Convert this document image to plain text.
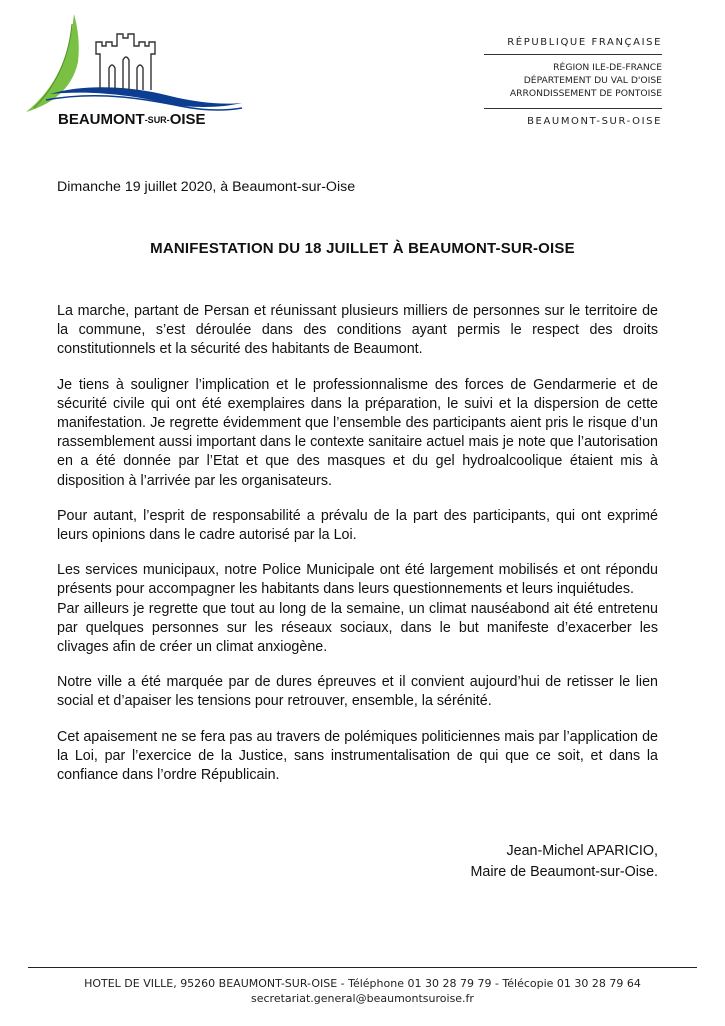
BEAUMONT-SUR-OISE
RÉPUBLIQUE FRANÇAISE
RÉGION ILE-DE-FRANCE
DÉPARTEMENT DU VAL D'OISE
ARRONDISSEMENT DE PONTOISE
BEAUMONT-SUR-OISE
Dimanche 19 juillet 2020, à Beaumont-sur-Oise
MANIFESTATION DU 18 JUILLET À BEAUMONT-SUR-OISE

La marche, partant de Persan et réunissant plusieurs milliers de personnes sur le territoire de la commune, s’est déroulée dans des conditions ayant permis le respect des droits constitutionnels et la sécurité des habitants de Beaumont.

Je tiens à souligner l’implication et le professionnalisme des forces de Gendarmerie et de sécurité civile qui ont été exemplaires dans la préparation, le suivi et la dispersion de cette manifestation. Je regrette évidemment que l’ensemble des participants aient pris le risque d’un rassemblement aussi important dans le contexte sanitaire actuel mais je note que l’autorisation en a été donnée par l’Etat et que des masques et du gel hydroalcoolique étaient mis à disposition à l’arrivée par les organisateurs.

Pour autant, l’esprit de responsabilité a prévalu de la part des participants, qui ont exprimé leurs opinions dans le cadre autorisé par la Loi.

Les services municipaux, notre Police Municipale ont été largement mobilisés et ont répondu présents pour accompagner les habitants dans leurs questionnements et leurs inquiétudes.

Par ailleurs je regrette que tout au long de la semaine, un climat nauséabond ait été entretenu par quelques personnes sur les réseaux sociaux, dans le but manifeste d’exacerber les clivages afin de créer un climat anxiogène.

Notre ville a été marquée par de dures épreuves et il convient aujourd’hui de retisser le lien social et d’apaiser les tensions pour retrouver, ensemble, la sérénité.

Cet apaisement ne se fera pas au travers de polémiques politiciennes mais par l’application de la Loi, par l’exercice de la Justice, sans instrumentalisation de qui que ce soit, et dans la confiance dans l’ordre Républicain.

Jean-Michel APARICIO,
Maire de Beaumont-sur-Oise.
HOTEL DE VILLE, 95260 BEAUMONT-SUR-OISE - Téléphone 01 30 28 79 79 - Télécopie 01 30 28 79 64
secretariat.general@beaumontsuroise.fr
